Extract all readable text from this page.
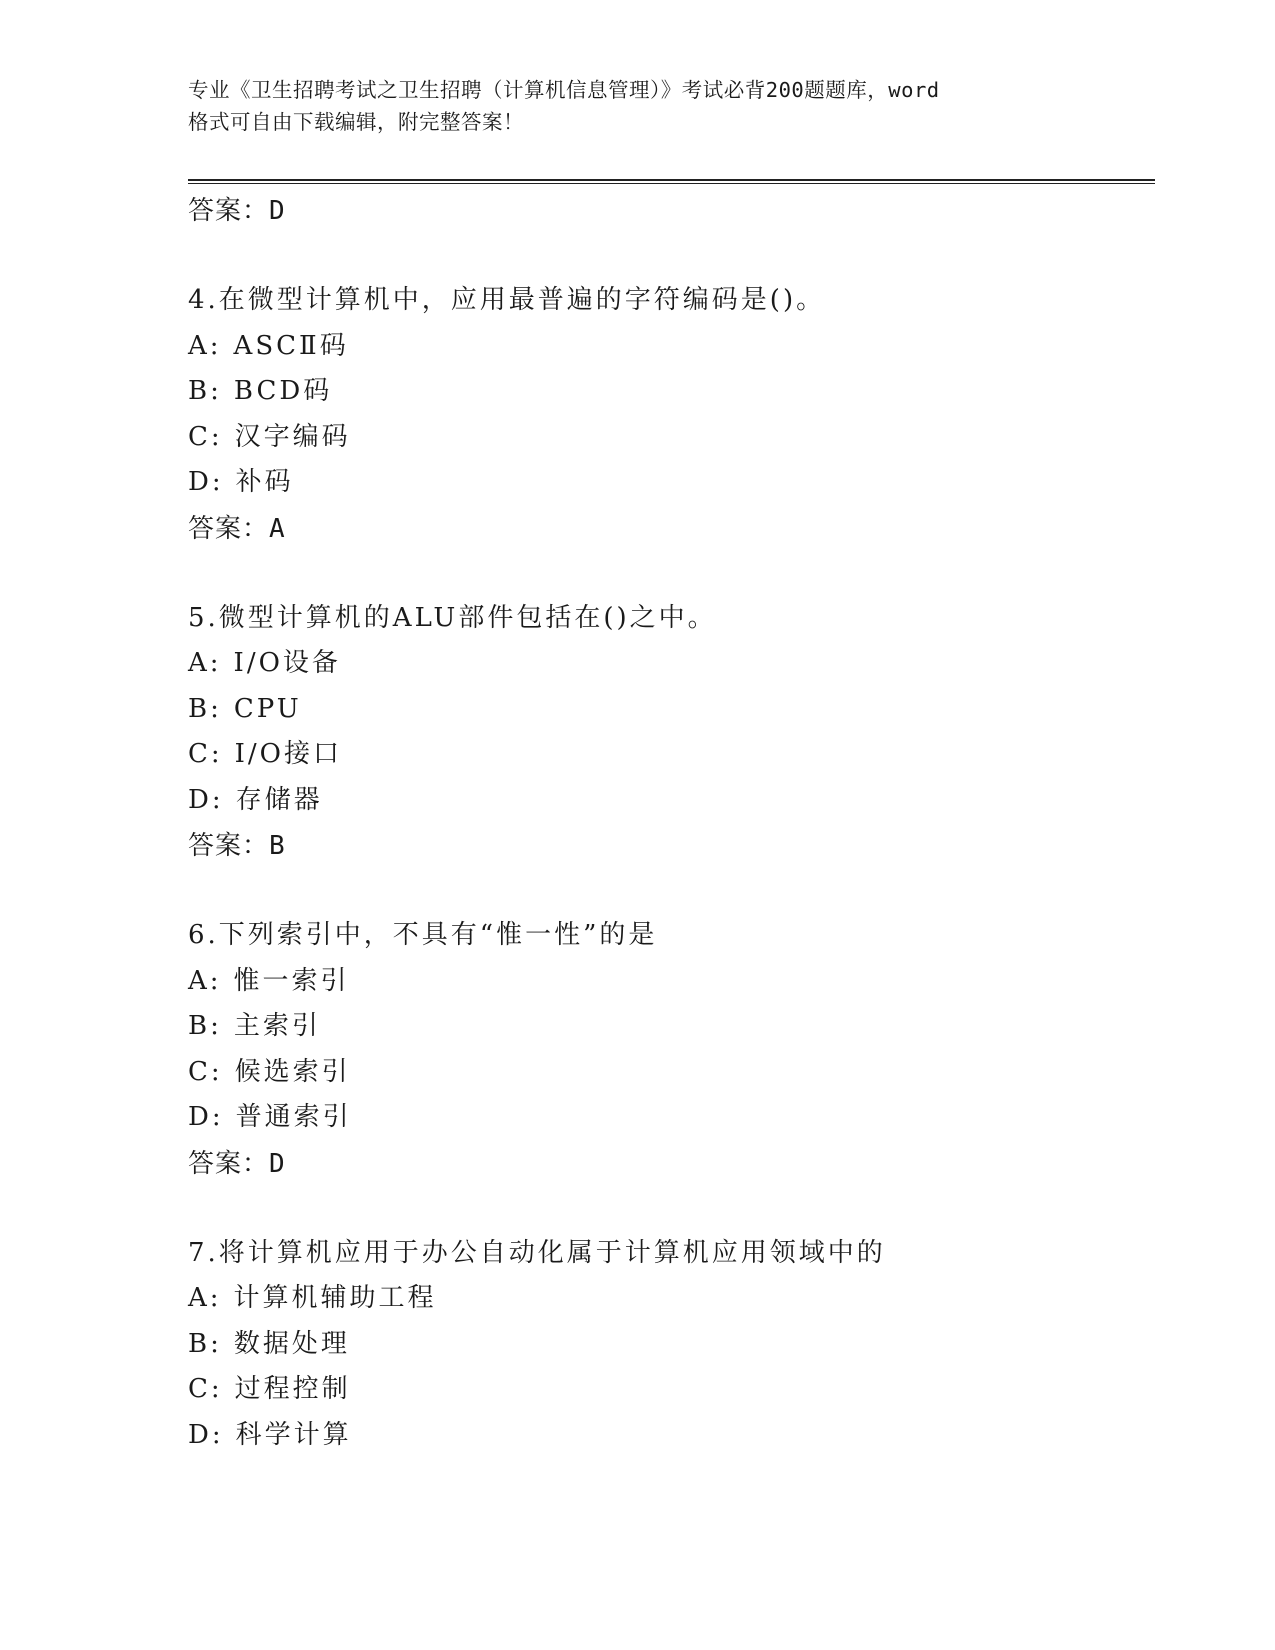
专业《卫生招聘考试之卫生招聘（计算机信息管理）》考试必背200题题库，word
格式可自由下载编辑，附完整答案！
答案：D
4.在微型计算机中，应用最普遍的字符编码是()。
A: ASCⅡ码
B: BCD码
C: 汉字编码
D: 补码
答案：A
5.微型计算机的ALU部件包括在()之中。
A: I/O设备
B: CPU
C: I/O接口
D: 存储器
答案：B
6.下列索引中，不具有“惟一性”的是
A: 惟一索引
B: 主索引
C: 候选索引
D: 普通索引
答案：D
7.将计算机应用于办公自动化属于计算机应用领域中的
A: 计算机辅助工程
B: 数据处理
C: 过程控制
D: 科学计算
